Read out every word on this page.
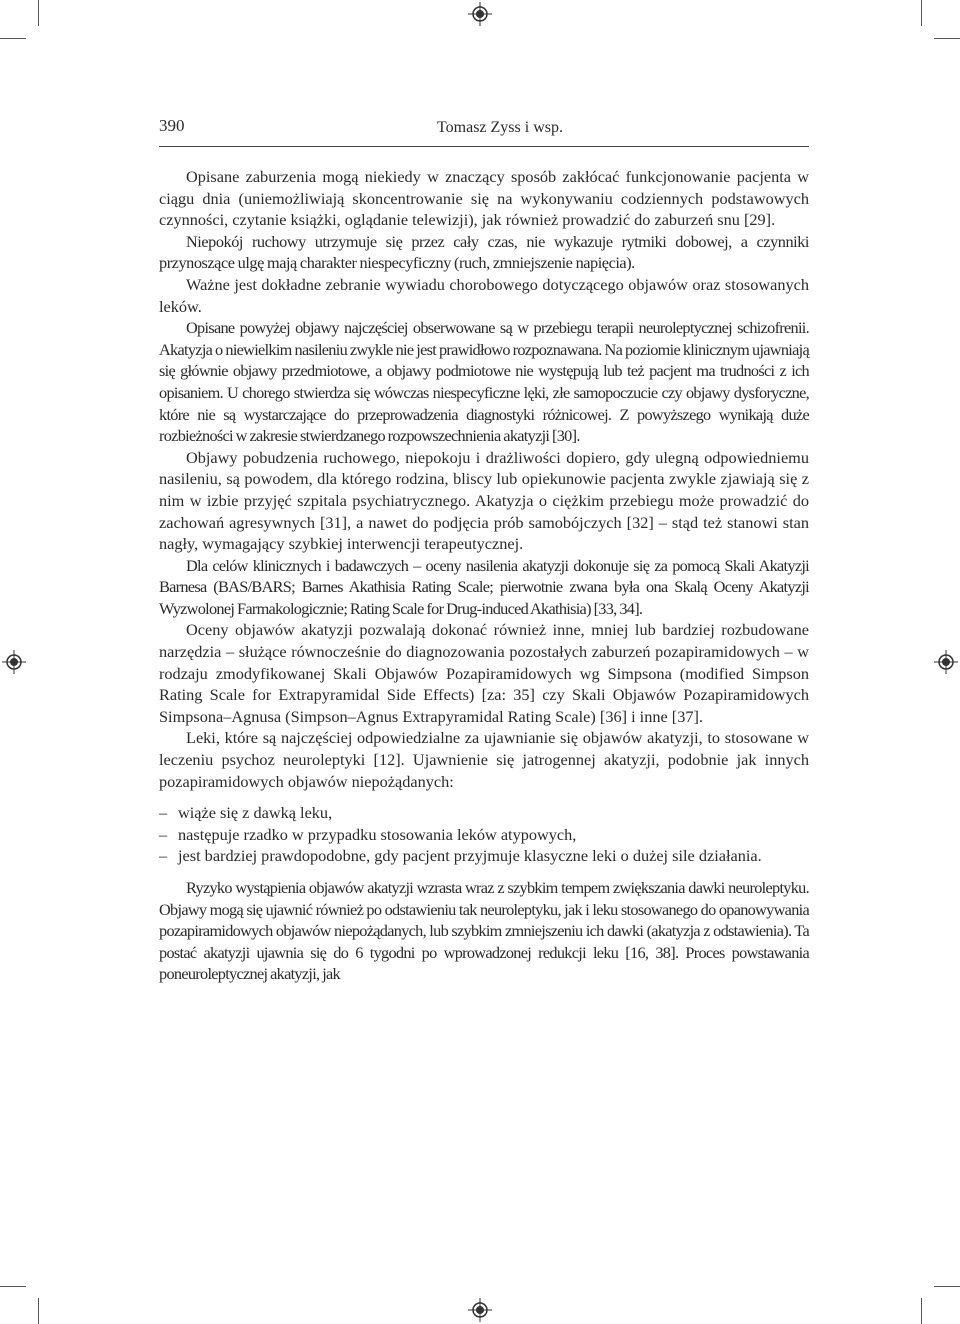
390	Tomasz Zyss i wsp.

Opisane zaburzenia mogą niekiedy w znaczący sposób zakłócać funkcjonowanie pacjenta w ciągu dnia (uniemożliwiają skoncentrowanie się na wykonywaniu codziennych podstawowych czynności, czytanie książki, oglądanie telewizji), jak również prowadzić do zaburzeń snu [29].

Niepokój ruchowy utrzymuje się przez cały czas, nie wykazuje rytmiki dobowej, a czynniki przynoszące ulgę mają charakter niespecyficzny (ruch, zmniejszenie napięcia).

Ważne jest dokładne zebranie wywiadu chorobowego dotyczącego objawów oraz stosowanych leków.

Opisane powyżej objawy najczęściej obserwowane są w przebiegu terapii neuroleptycznej schizofrenii. Akatyzja o niewielkim nasileniu zwykle nie jest prawidłowo rozpoznawana. Na poziomie klinicznym ujawniają się głównie objawy przedmiotowe, a objawy podmiotowe nie występują lub też pacjent ma trudności z ich opisaniem. U chorego stwierdza się wówczas niespecyficzne lęki, złe samopoczucie czy objawy dysforyczne, które nie są wystarczające do przeprowadzenia diagnostyki różnicowej. Z powyższego wynikają duże rozbieżności w zakresie stwierdzanego rozpowszechnienia akatyzji [30].

Objawy pobudzenia ruchowego, niepokoju i drażliwości dopiero, gdy ulegną odpowiedniemu nasileniu, są powodem, dla którego rodzina, bliscy lub opiekunowie pacjenta zwykle zjawiają się z nim w izbie przyjęć szpitala psychiatrycznego. Akatyzja o ciężkim przebiegu może prowadzić do zachowań agresywnych [31], a nawet do podjęcia prób samobójczych [32] – stąd też stanowi stan nagły, wymagający szybkiej interwencji terapeutycznej.

Dla celów klinicznych i badawczych – oceny nasilenia akatyzji dokonuje się za pomocą Skali Akatyzji Barnesa (BAS/BARS; Barnes Akathisia Rating Scale; pierwotnie zwana była ona Skalą Oceny Akatyzji Wyzwolonej Farmakologicznie; Rating Scale for Drug-induced Akathisia) [33, 34].

Oceny objawów akatyzji pozwalają dokonać również inne, mniej lub bardziej rozbudowane narzędzia – służące równocześnie do diagnozowania pozostałych zaburzeń pozapiramidowych – w rodzaju zmodyfikowanej Skali Objawów Pozapiramidowych wg Simpsona (modified Simpson Rating Scale for Extrapyramidal Side Effects) [za: 35] czy Skali Objawów Pozapiramidowych Simpsona–Agnusa (Simpson–Agnus Extrapyramidal Rating Scale) [36] i inne [37].

Leki, które są najczęściej odpowiedzialne za ujawnianie się objawów akatyzji, to stosowane w leczeniu psychoz neuroleptyki [12]. Ujawnienie się jatrogennej akatyzji, podobnie jak innych pozapiramidowych objawów niepożądanych:

– wiąże się z dawką leku,
– następuje rzadko w przypadku stosowania leków atypowych,
– jest bardziej prawdopodobne, gdy pacjent przyjmuje klasyczne leki o dużej sile działania.

Ryzyko wystąpienia objawów akatyzji wzrasta wraz z szybkim tempem zwiększania dawki neuroleptyku. Objawy mogą się ujawnić również po odstawieniu tak neuroleptyku, jak i leku stosowanego do opanowywania pozapiramidowych objawów niepożądanych, lub szybkim zmniejszeniu ich dawki (akatyzja z odstawienia). Ta postać akatyzji ujawnia się do 6 tygodni po wprowadzonej redukcji leku [16, 38]. Proces powstawania poneuroleptycznej akatyzji, jak
